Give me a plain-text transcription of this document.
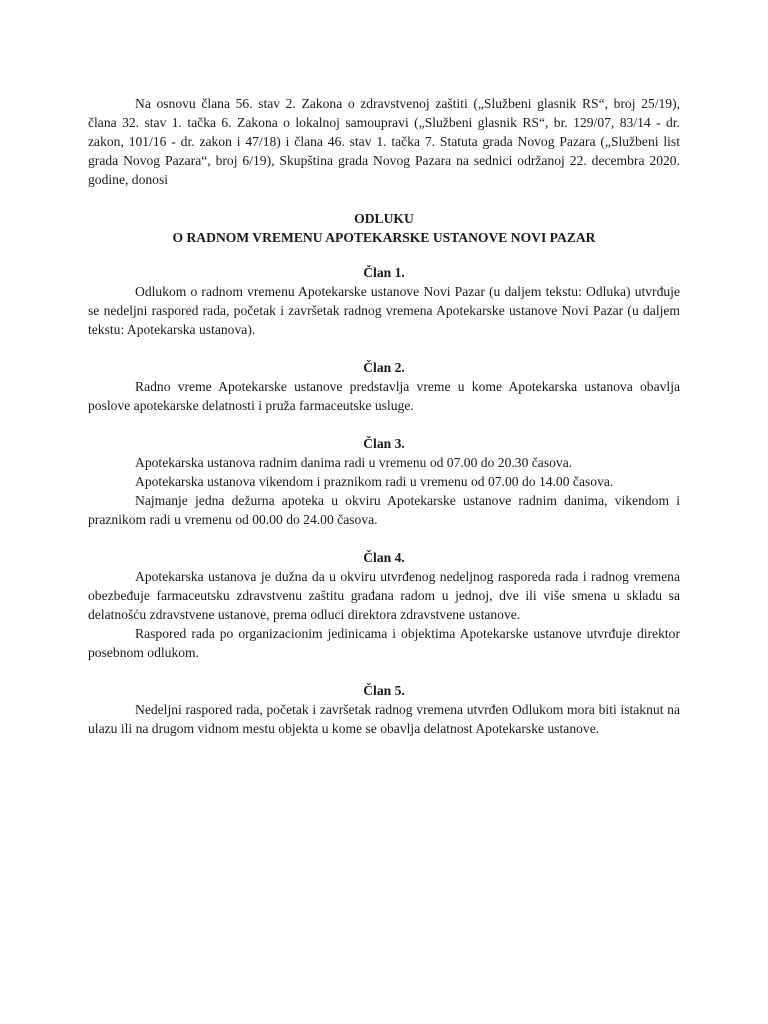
Na osnovu člana 56. stav 2. Zakona o zdravstvenoj zaštiti („Službeni glasnik RS“, broj 25/19), člana 32. stav 1. tačka 6. Zakona o lokalnoj samoupravi („Službeni glasnik RS“, br. 129/07, 83/14 - dr. zakon, 101/16 - dr. zakon i 47/18) i člana 46. stav 1. tačka 7. Statuta grada Novog Pazara („Službeni list grada Novog Pazara“, broj 6/19), Skupština grada Novog Pazara na sednici održanoj 22. decembra 2020. godine, donosi

ODLUKU
O RADNOM VREMENU APOTEKARSKE USTANOVE NOVI PAZAR
Član 1.

Odlukom o radnom vremenu Apotekarske ustanove Novi Pazar (u daljem tekstu: Odluka) utvrđuje se nedeljni raspored rada, početak i završetak radnog vremena Apotekarske ustanove Novi Pazar (u daljem tekstu: Apotekarska ustanova).

Član 2.

Radno vreme Apotekarske ustanove predstavlja vreme u kome Apotekarska ustanova obavlja poslove apotekarske delatnosti i pruža farmaceutske usluge.

Član 3.

Apotekarska ustanova radnim danima radi u vremenu od 07.00 do 20.30 časova.

Apotekarska ustanova vikendom i praznikom radi u vremenu od 07.00 do 14.00 časova.

Najmanje jedna dežurna apoteka u okviru Apotekarske ustanove radnim danima, vikendom i praznikom radi u vremenu od 00.00 do 24.00 časova.

Član 4.

Apotekarska ustanova je dužna da u okviru utvrđenog nedeljnog rasporeda rada i radnog vremena obezbeđuje farmaceutsku zdravstvenu zaštitu građana radom u jednoj, dve ili više smena u skladu sa delatnošću zdravstvene ustanove, prema odluci direktora zdravstvene ustanove.

Raspored rada po organizacionim jedinicama i objektima Apotekarske ustanove utvrđuje direktor posebnom odlukom.

Član 5.

Nedeljni raspored rada, početak i završetak radnog vremena utvrđen Odlukom mora biti istaknut na ulazu ili na drugom vidnom mestu objekta u kome se obavlja delatnost Apotekarske ustanove.
